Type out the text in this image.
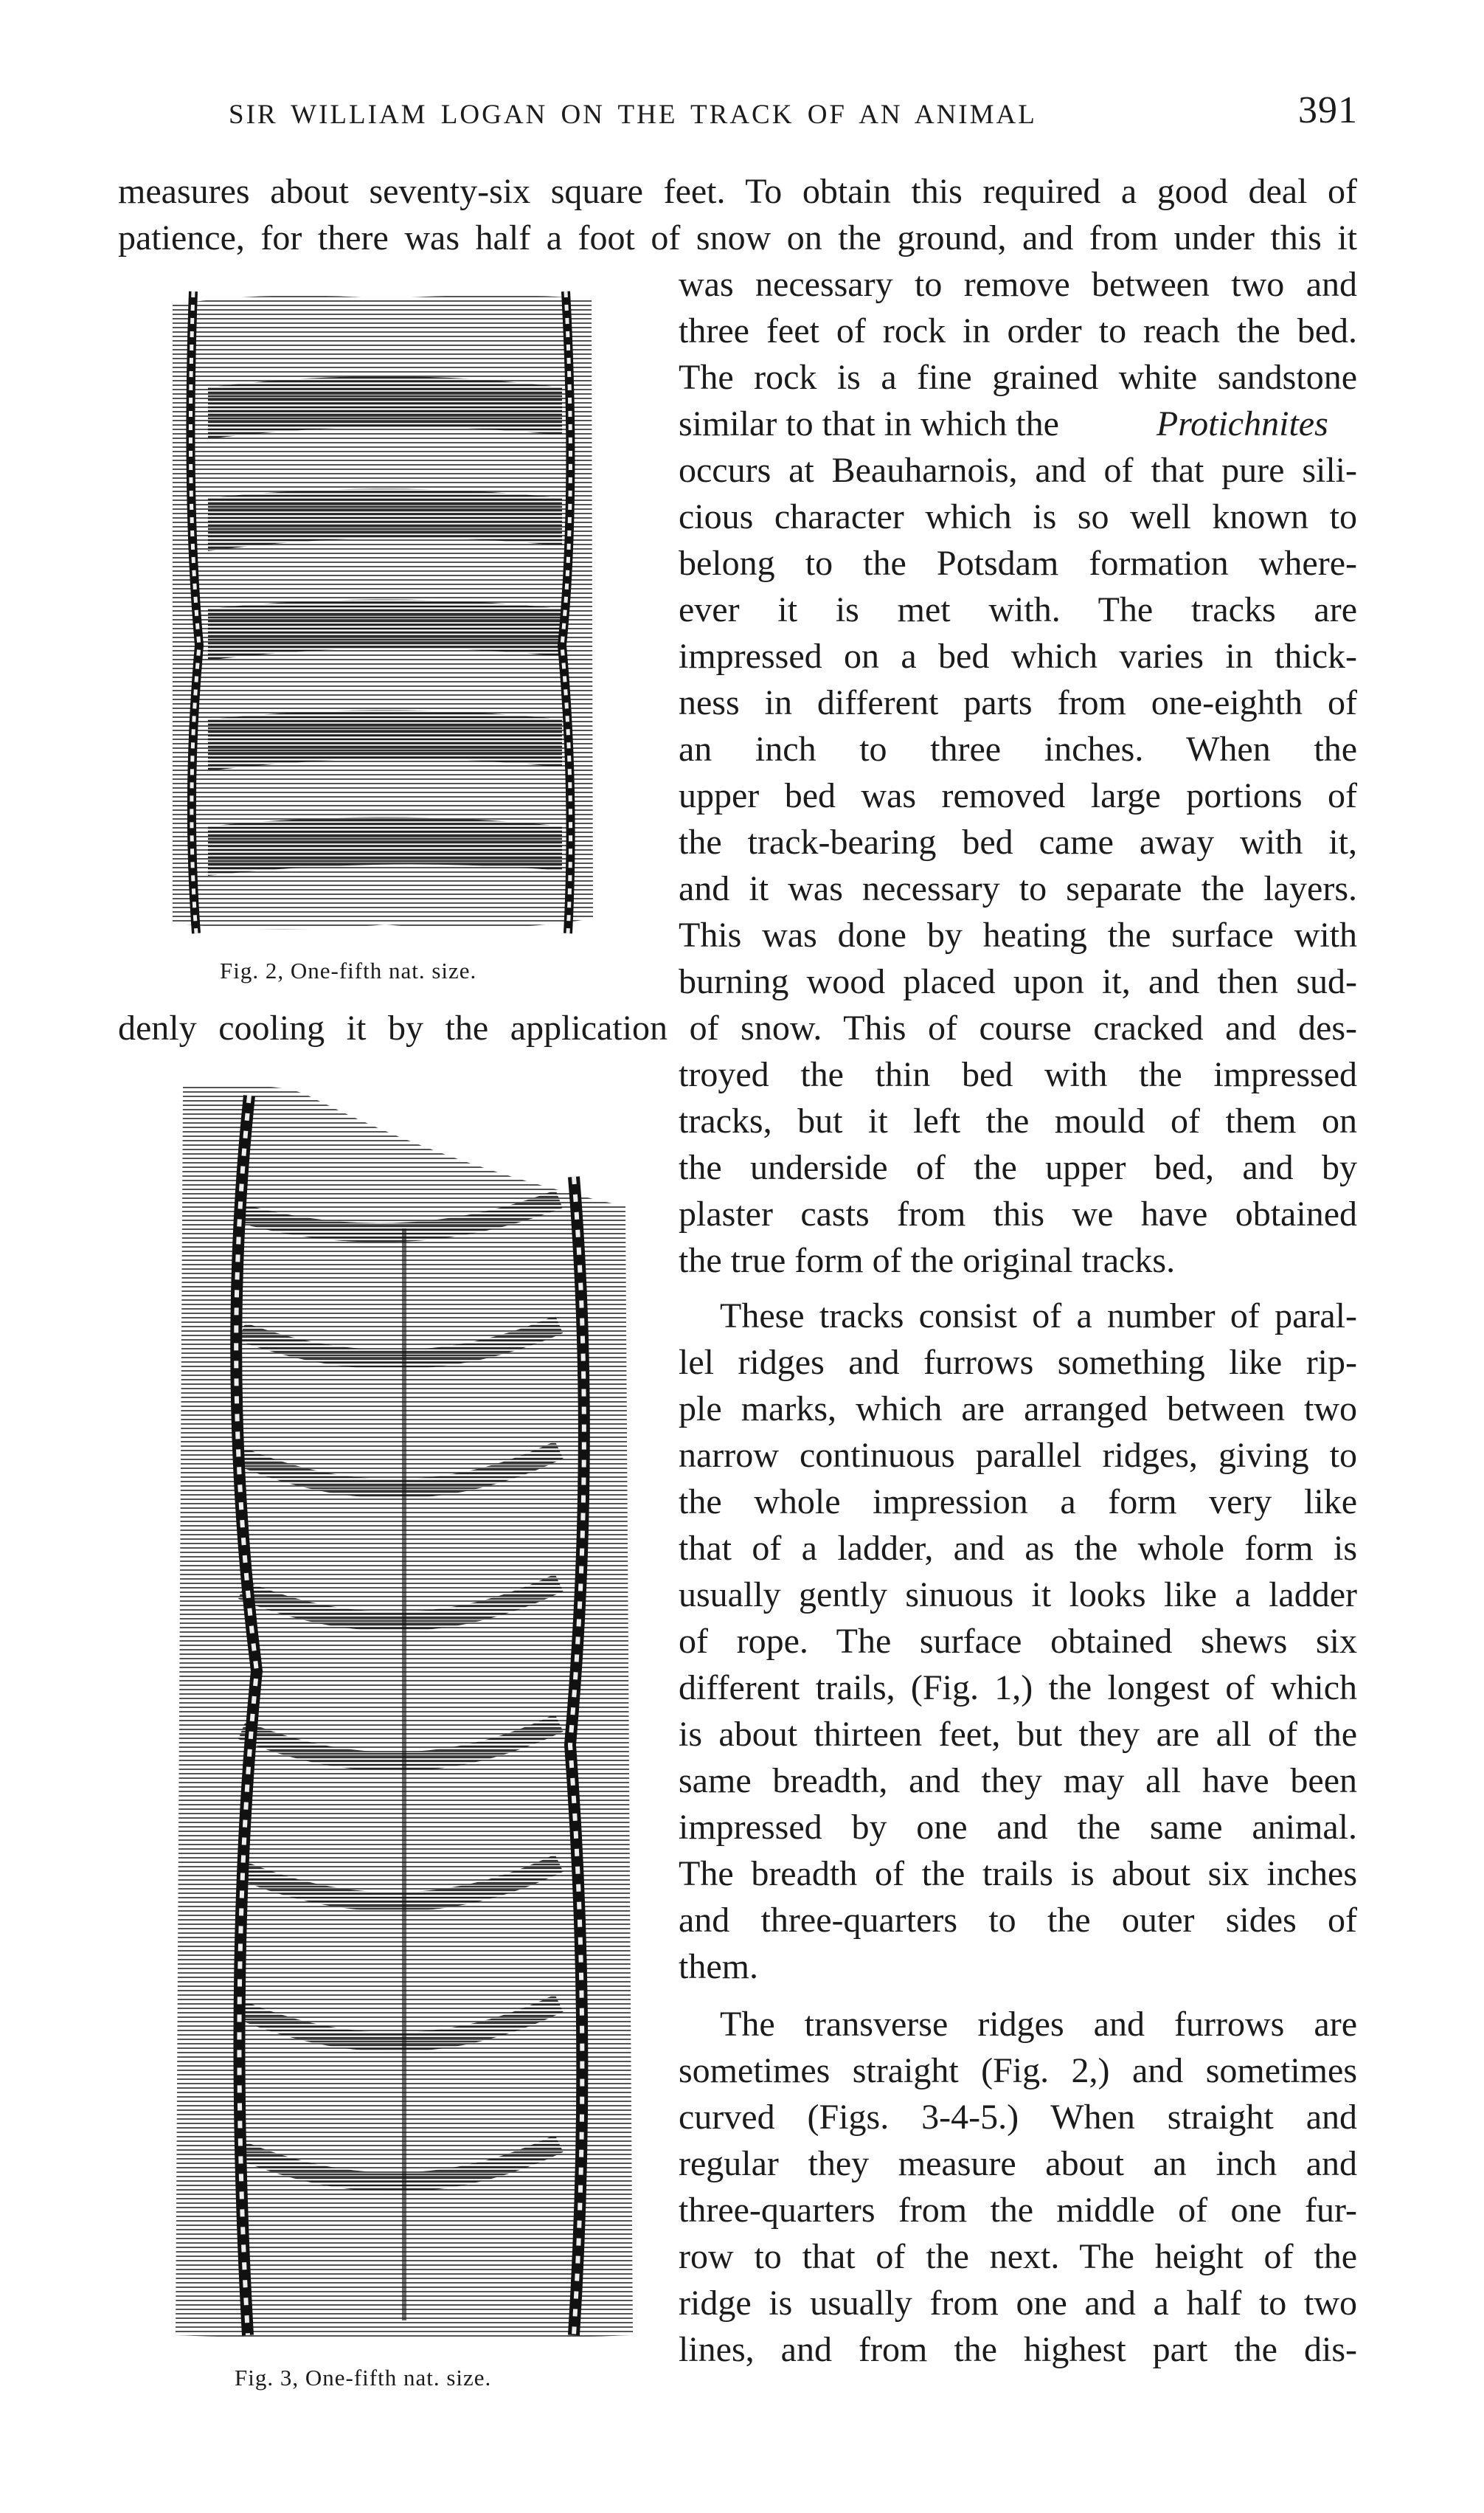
SIR WILLIAM LOGAN ON THE TRACK OF AN ANIMAL	391
measures about seventy-six square feet. To obtain this required a good deal of
patience, for there was half a foot of snow on the ground, and from under this it
was necessary to remove between two and
three feet of rock in order to reach the bed.
The rock is a fine grained white sandstone
similar to that in which the	Protichnites
occurs at Beauharnois, and of that pure sili-
cious character which is so well known to
belong to the Potsdam formation where-
ever it is met with. The tracks are
impressed on a bed which varies in thick-
ness in different parts from one-eighth of
an inch to three inches. When the
upper bed was removed large portions of
the track-bearing bed came away with it,
and it was necessary to separate the layers.
This was done by heating the surface with
burning wood placed upon it, and then sud-
denly cooling it by the application of snow. This of course cracked and des-
troyed the thin bed with the impressed
tracks, but it left the mould of them on
the underside of the upper bed, and by
plaster casts from this we have obtained
the true form of the original tracks.
These tracks consist of a number of paral-
lel ridges and furrows something like rip-
ple marks, which are arranged between two
narrow continuous parallel ridges, giving to
the whole impression a form very like
that of a ladder, and as the whole form is
usually gently sinuous it looks like a ladder
of rope. The surface obtained shews six
different trails, (Fig. 1,) the longest of which
is about thirteen feet, but they are all of the
same breadth, and they may all have been
impressed by one and the same animal.
The breadth of the trails is about six inches
and three-quarters to the outer sides of
them.
The transverse ridges and furrows are
sometimes straight (Fig. 2,) and sometimes
curved (Figs. 3-4-5.) When straight and
regular they measure about an inch and
three-quarters from the middle of one fur-
row to that of the next. The height of the
ridge is usually from one and a half to two
lines, and from the highest part the dis-
Fig. 2, One-fifth nat. size.
Fig. 3, One-fifth nat. size.
